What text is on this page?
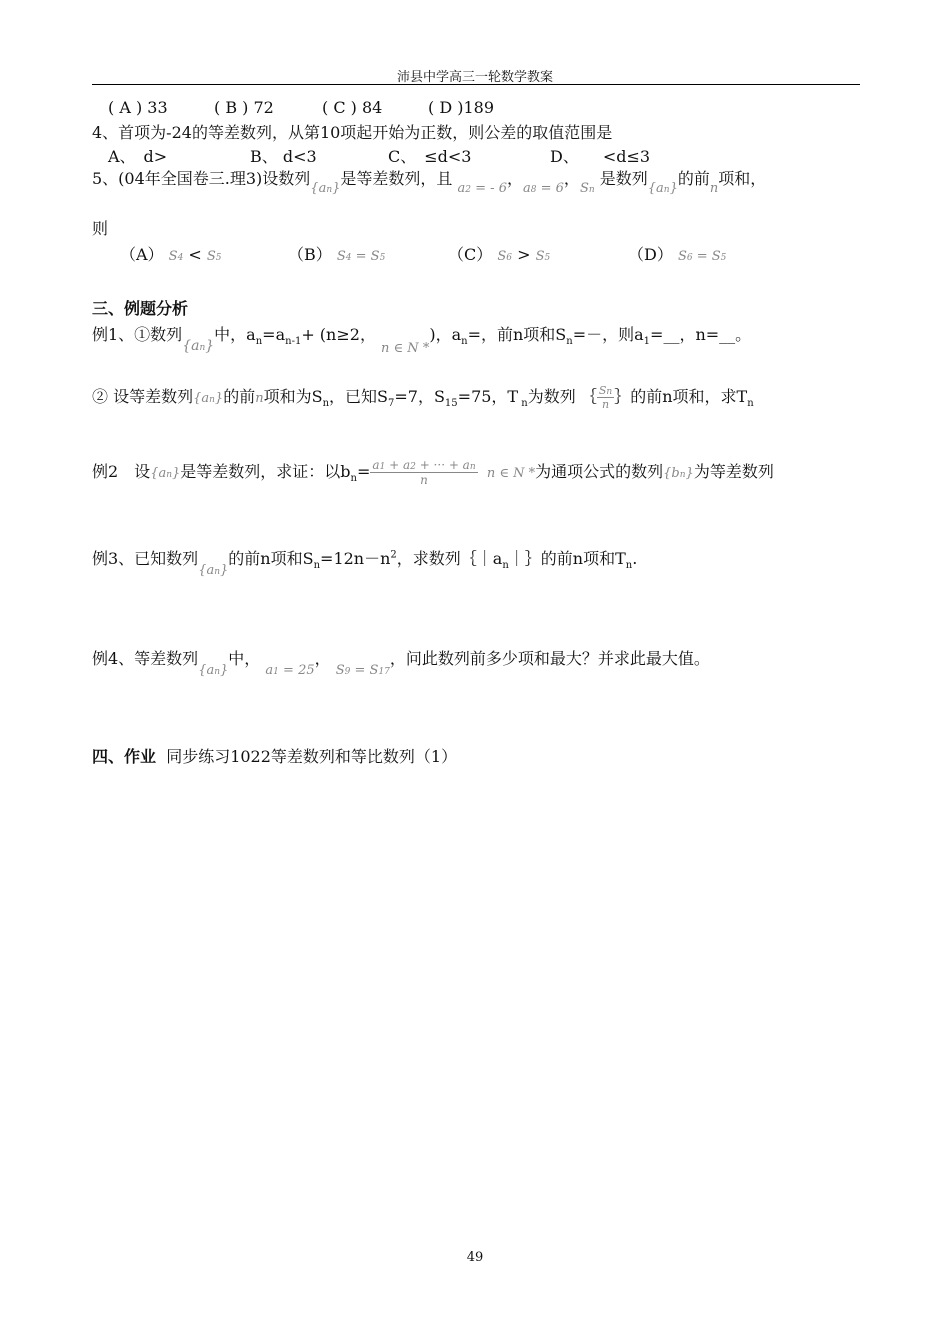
沛县中学高三一轮数学教案
( A ) 33	( B ) 72	( C ) 84	( D )189
4、首项为-24的等差数列，从第10项起开始为正数，则公差的取值范围是
A、　d>	B、 d<3	C、　≤d<3	D、　　<d≤3
5、(04年全国卷三.理3)设数列$_{\{an\}}$是等差数列，且 $_{a2 = - 6}$，$_{a8 = 6}$，$_{Sn}$ 是数列$_{\{an\}}$的前$_n$项和，
则
（A） S4 < S5	（B） S4 = S5	（C） S6 > S5	（D） S6 = S5
三、例题分析
例1、①数列{an}中，$a_n=a_{n-1}+ (n\ge 2$， $_{n \in N *}$)，$a_n=$，前n项和$S_n=-$，则$a_1=\_\_$，n=__。
② 设等差数列{an}的前n项和为$S_n$，已知$S_7=7$，$S_{15}=75$，T $_n$为数列 ｛ $\frac{Sn}{n}$ ｝的前n项和，求$T_n$
例2　设{an}是等差数列，求证：以$b_n= \frac{a1 + a2 + \cdot\cdot\cdot + an}{n}$ n ∈ N *为通项公式的数列{bn}为等差数列
例3、已知数列$_{\{an\}}$的前n项和$S_n=12n-n^2$，求数列$\{|a_n|\}$的前n项和$T_n$.
例4、等差数列$_{\{an\}}$中， $_{a1 = 25}$， $_{S9 = S17}$，问此数列前多少项和最大？并求此最大值。
四、作业 同步练习1022等差数列和等比数列（1）
49
